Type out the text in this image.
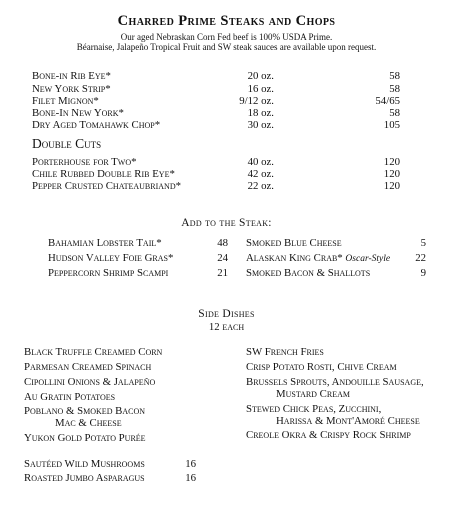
Charred Prime Steaks and Chops
Our aged Nebraskan Corn Fed beef is 100% USDA Prime.
Béarnaise, Jalapeño Tropical Fruit and SW steak sauces are available upon request.
Bone-in Rib Eye*	20 oz.	58
New York Strip*	16 oz.	58
Filet Mignon*	9/12 oz.	54/65
Bone-In New York*	18 oz.	58
Dry Aged Tomahawk Chop*	30 oz.	105
Double Cuts
Porterhouse for Two*	40 oz.	120
Chile Rubbed Double Rib Eye*	42 oz.	120
Pepper Crusted Chateaubriand*	22 oz.	120
Add to the Steak:
Bahamian Lobster Tail*	48
Hudson Valley Foie Gras*	24
Peppercorn Shrimp Scampi	21
Smoked Blue Cheese	5
Alaskan King Crab* Oscar-Style	22
Smoked Bacon & Shallots	9
Side Dishes
12 each
Black Truffle Creamed Corn
Parmesan Creamed Spinach
Cipollini Onions & Jalapeño
Au Gratin Potatoes
Poblano & Smoked Bacon
Mac & Cheese
Yukon Gold Potato Purée
SW French Fries
Crisp Potato Rosti, Chive Cream
Brussels Sprouts, Andouille Sausage,
Mustard Cream
Stewed Chick Peas, Zucchini,
Harissa & Mont'Amoré Cheese
Creole Okra & Crispy Rock Shrimp
Sautéed Wild Mushrooms	16
Roasted Jumbo Asparagus	16
